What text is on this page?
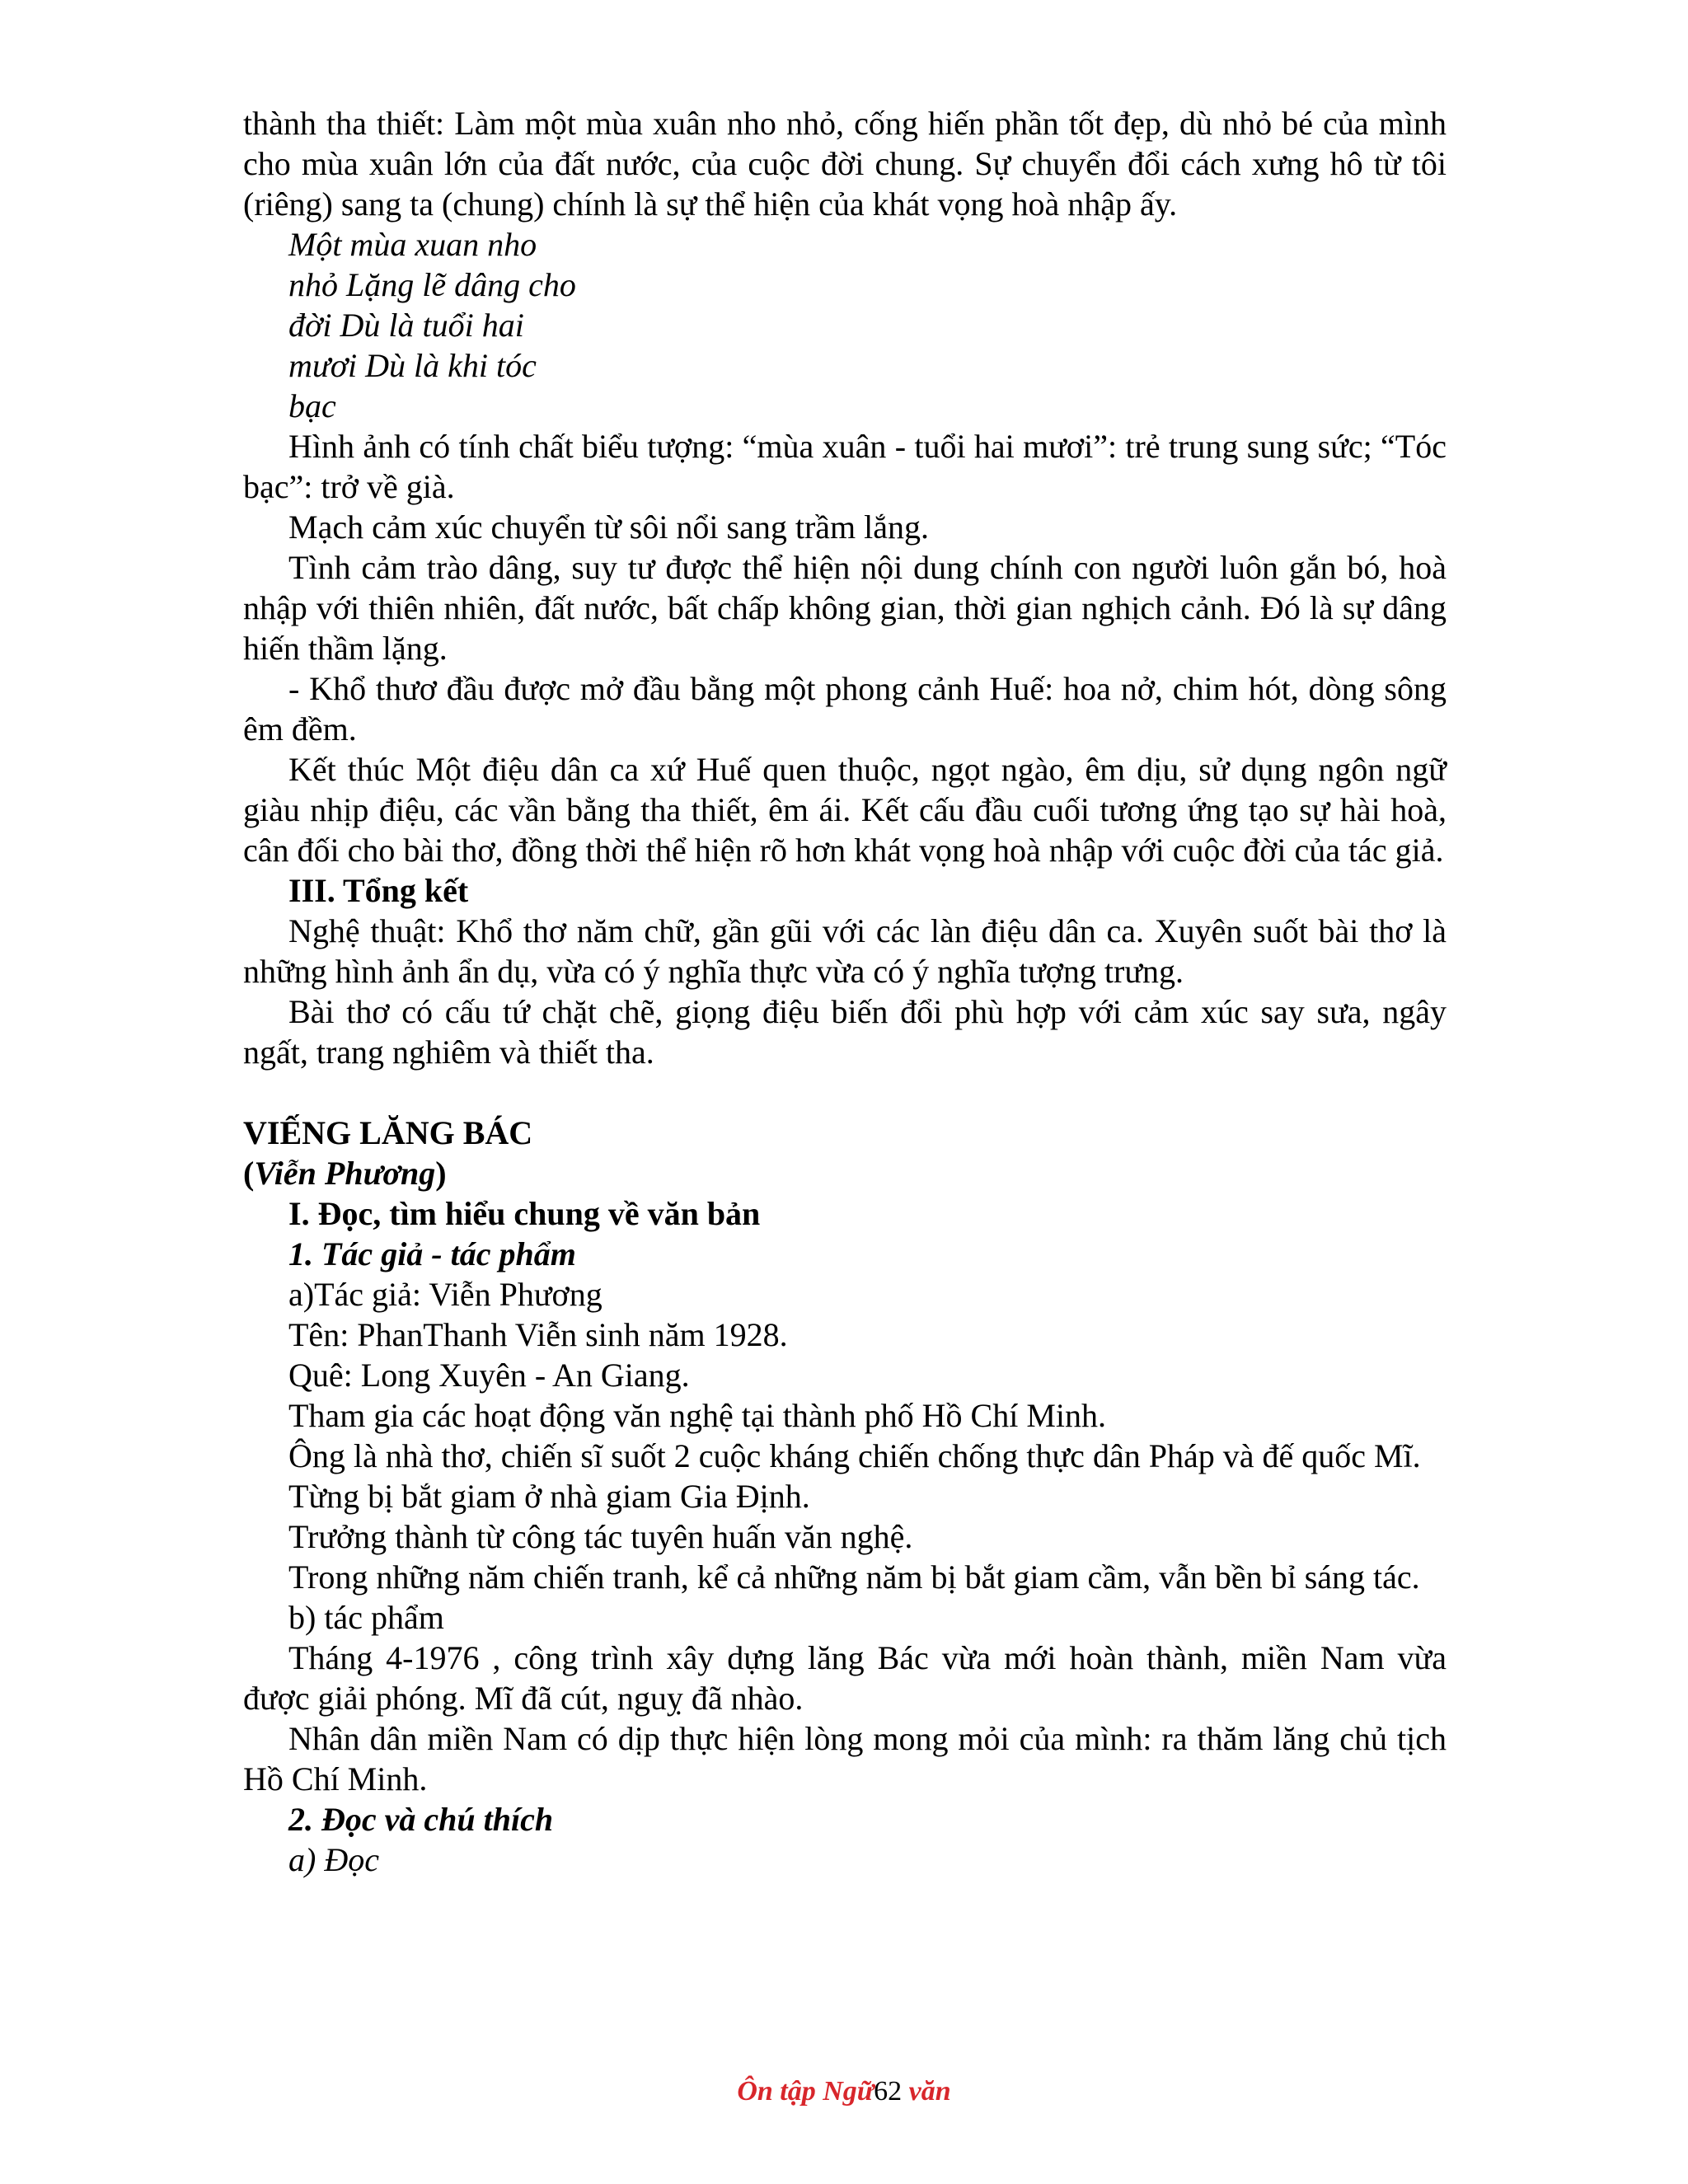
thành tha thiết: Làm một mùa xuân nho nhỏ, cống hiến phần tốt đẹp, dù nhỏ bé của mình cho mùa xuân lớn của đất nước, của cuộc đời chung. Sự chuyển đổi cách xưng hô từ tôi (riêng) sang ta (chung) chính là sự thể hiện của khát vọng hoà nhập ấy.

Một mùa xuan nho
nhỏ Lặng lẽ dâng cho
đời Dù là tuổi hai
mươi Dù là khi tóc
bạc

Hình ảnh có tính chất biểu tượng: “mùa xuân - tuổi hai mươi”: trẻ trung sung sức; “Tóc bạc”: trở về già.

Mạch cảm xúc chuyển từ sôi nổi sang trầm lắng.

Tình cảm trào dâng, suy tư được thể hiện nội dung chính con người luôn gắn bó, hoà nhập với thiên nhiên, đất nước, bất chấp không gian, thời gian nghịch cảnh. Đó là sự dâng hiến thầm lặng.

- Khổ thươ đầu được mở đầu bằng một phong cảnh Huế: hoa nở, chim hót, dòng sông êm đềm.

Kết thúc Một điệu dân ca xứ Huế quen thuộc, ngọt ngào, êm dịu, sử dụng ngôn ngữ giàu nhịp điệu, các vần bằng tha thiết, êm ái. Kết cấu đầu cuối tương ứng tạo sự hài hoà, cân đối cho bài thơ, đồng thời thể hiện rõ hơn khát vọng hoà nhập với cuộc đời của tác giả.

III. Tổng kết

Nghệ thuật: Khổ thơ năm chữ, gần gũi với các làn điệu dân ca. Xuyên suốt bài thơ là những hình ảnh ẩn dụ, vừa có ý nghĩa thực vừa có ý nghĩa tượng trưng.

Bài thơ có cấu tứ chặt chẽ, giọng điệu biến đổi phù hợp với cảm xúc say sưa, ngây ngất, trang nghiêm và thiết tha.

VIẾNG LĂNG BÁC

(Viễn Phương)

I. Đọc, tìm hiểu chung về văn bản

1. Tác giả - tác phẩm

a)Tác giả: Viễn Phương

Tên: PhanThanh Viễn sinh năm 1928.

Quê: Long Xuyên - An Giang.

Tham gia các hoạt động văn nghệ tại thành phố Hồ Chí Minh.

Ông là nhà thơ, chiến sĩ suốt 2 cuộc kháng chiến chống thực dân Pháp và đế quốc Mĩ.

Từng bị bắt giam ở nhà giam Gia Định.

Trưởng thành từ công tác tuyên huấn văn nghệ.

Trong những năm chiến tranh, kể cả những năm bị bắt giam cầm, vẫn bền bỉ sáng tác.

b) tác phẩm

Tháng 4-1976 , công trình xây dựng lăng Bác vừa mới hoàn thành, miền Nam vừa được giải phóng. Mĩ đã cút, nguỵ đã nhào.

Nhân dân miền Nam có dịp thực hiện lòng mong mỏi của mình: ra thăm lăng chủ tịch Hồ Chí Minh.

2. Đọc và chú thích

a) Đọc

Ôn tập Ngữ62 văn
